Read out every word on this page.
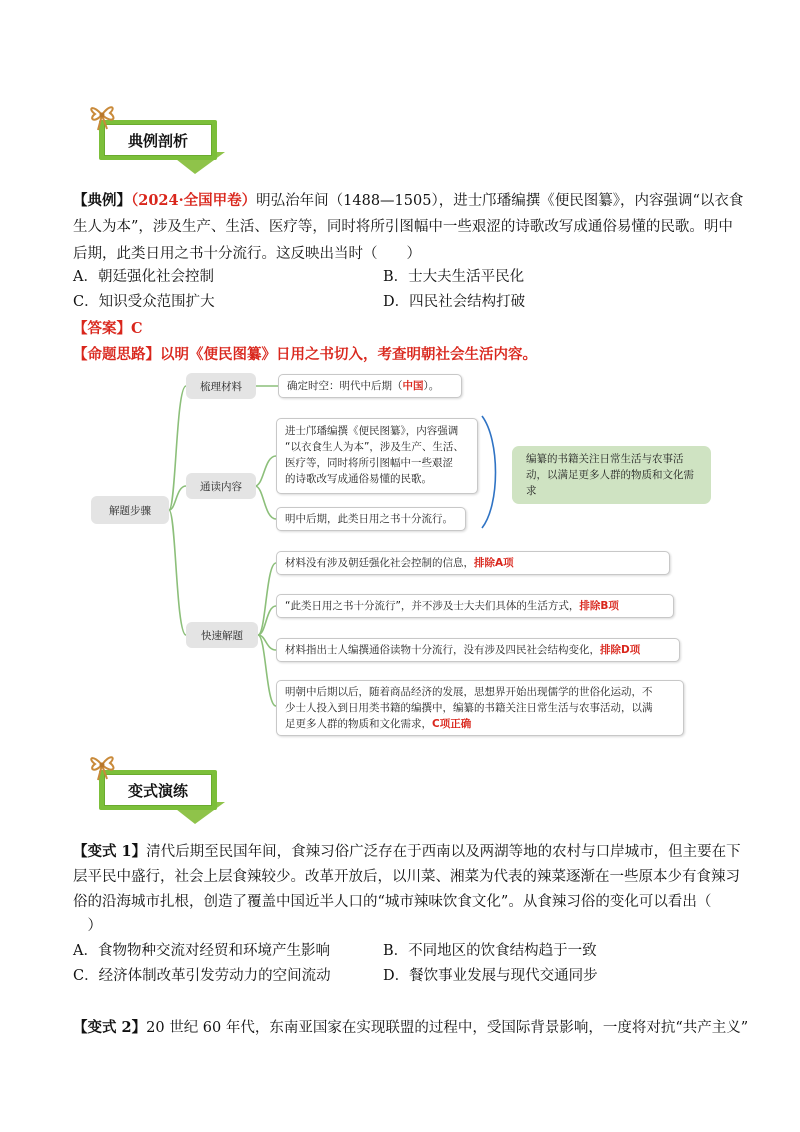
典例剖析
【典例】（2024·全国甲卷）明弘治年间（1488—1505），进士邝璠编撰《便民图纂》，内容强调“以衣食
生人为本”，涉及生产、生活、医疗等，同时将所引图幅中一些艰涩的诗歌改写成通俗易懂的民歌。明中
后期，此类日用之书十分流行。这反映出当时（　　）
A．朝廷强化社会控制	B．士大夫生活平民化
C．知识受众范围扩大	D．四民社会结构打破
【答案】C
【命题思路】以明《便民图纂》日用之书切入，考查明朝社会生活内容。
解题步骤
梳理材料
通读内容
快速解题
确定时空：明代中后期（ 中国 ）。
进士邝璠编撰《便民图纂》，内容强调
“以衣食生人为本”，涉及生产、生活、
医疗等，同时将所引图幅中一些艰涩
的诗歌改写成通俗易懂的民歌。
明中后期，此类日用之书十分流行。
编纂的书籍关注日常生活与农事活动，以满足更多人群的物质和文化需求
材料没有涉及朝廷强化社会控制的信息， 排除A项
“此类日用之书十分流行”，并不涉及士大夫们具体的生活方式， 排除B项
材料指出士人编撰通俗读物十分流行，没有涉及四民社会结构变化， 排除D项
明朝中后期以后，随着商品经济的发展，思想界开始出现儒学的世俗化运动，不
少士人投入到日用类书籍的编撰中，编纂的书籍关注日常生活与农事活动，以满
足更多人群的物质和文化需求，C项正确
变式演练
【变式 1】清代后期至民国年间，食辣习俗广泛存在于西南以及两湖等地的农村与口岸城市，但主要在下
层平民中盛行，社会上层食辣较少。改革开放后，以川菜、湘菜为代表的辣菜逐渐在一些原本少有食辣习
俗的沿海城市扎根，创造了覆盖中国近半人口的“城市辣味饮食文化”。从食辣习俗的变化可以看出（
　）
A．食物物种交流对经贸和环境产生影响	B．不同地区的饮食结构趋于一致
C．经济体制改革引发劳动力的空间流动	D．餐饮事业发展与现代交通同步
【变式 2】20 世纪 60 年代，东南亚国家在实现联盟的过程中，受国际背景影响，一度将对抗“共产主义”
